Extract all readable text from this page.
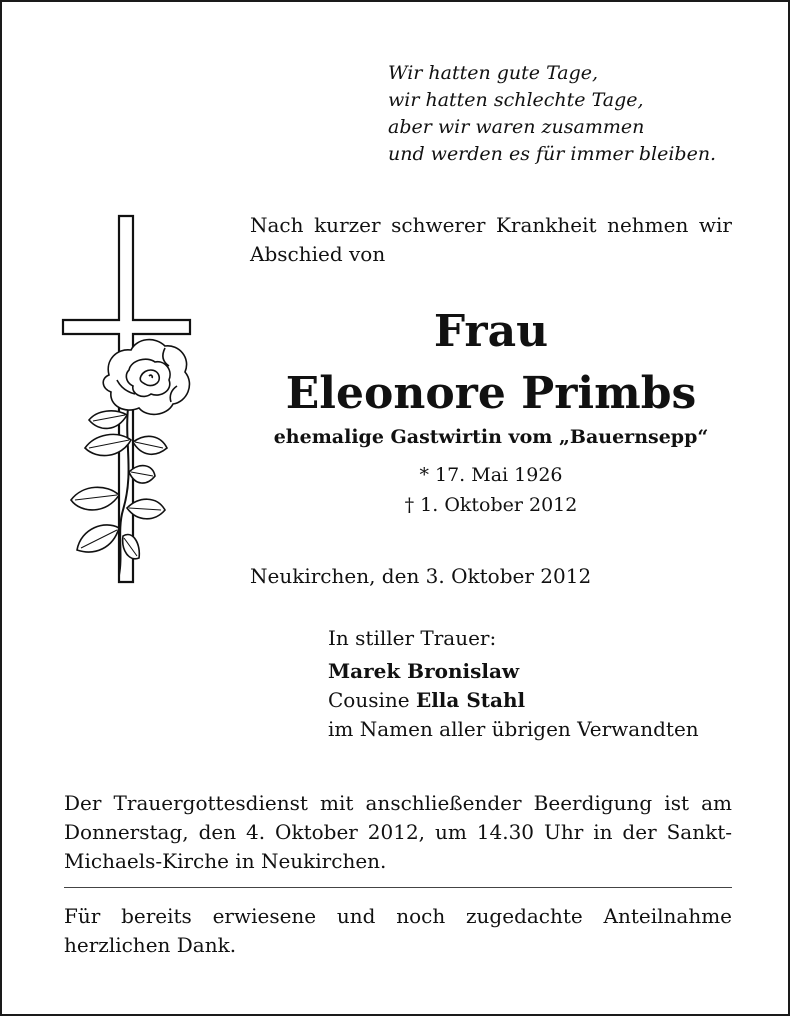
Wir hatten gute Tage,
wir hatten schlechte Tage,
aber wir waren zusammen
und werden es für immer bleiben.
Nach kurzer schwerer Krankheit nehmen wir Abschied von
Frau
Eleonore Primbs
ehemalige Gastwirtin vom „Bauernsepp“
* 17. Mai 1926
† 1. Oktober 2012
Neukirchen, den 3. Oktober 2012
In stiller Trauer:
Marek Bronislaw
Cousine Ella Stahl
im Namen aller übrigen Verwandten
Der Trauergottesdienst mit anschließender Beerdigung ist am Donnerstag, den 4. Oktober 2012, um 14.30 Uhr in der Sankt-Michaels-Kirche in Neukirchen.
Für bereits erwiesene und noch zugedachte Anteilnahme herzlichen Dank.
